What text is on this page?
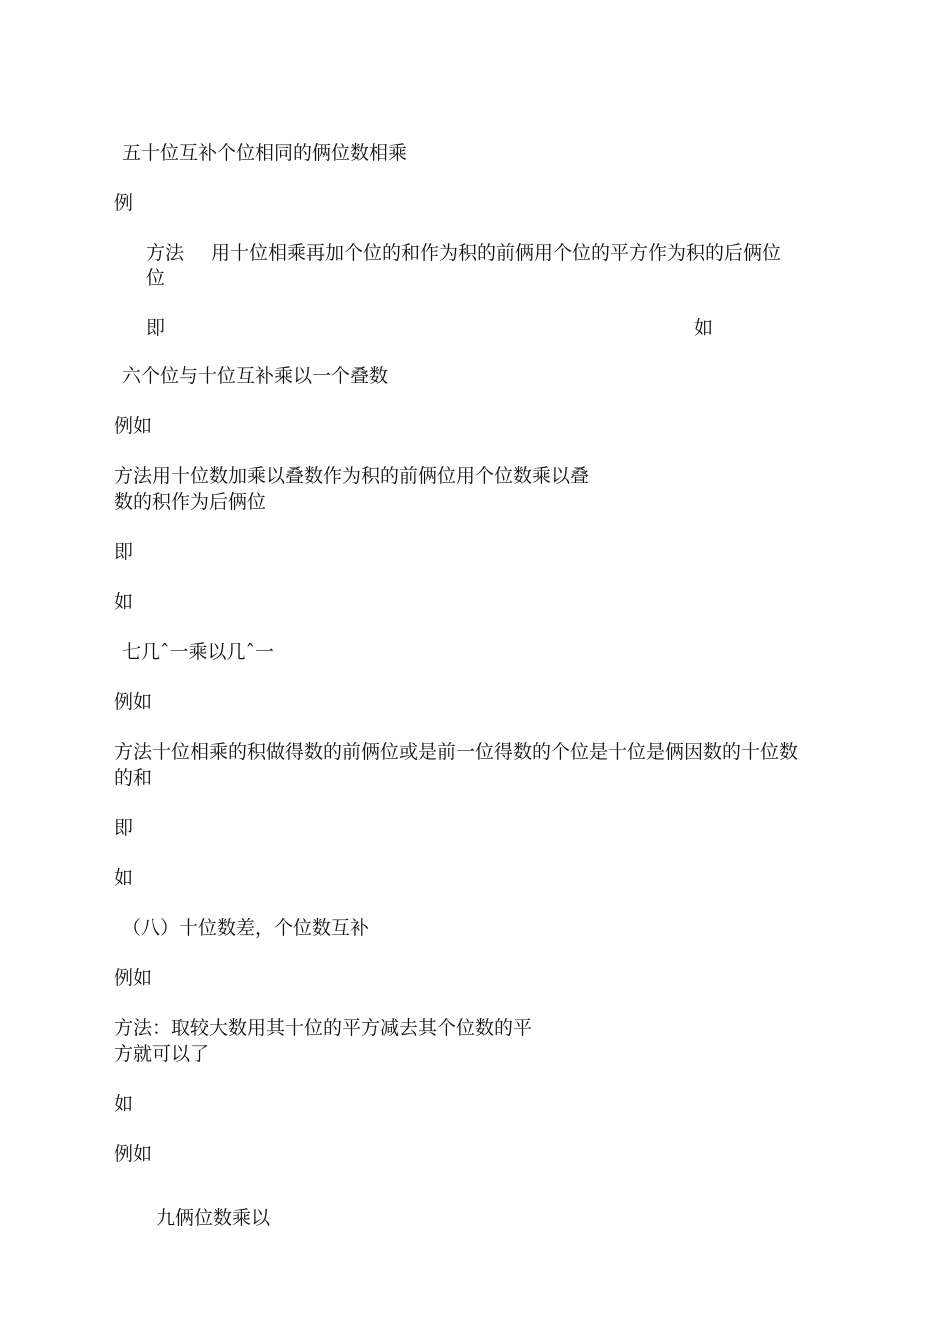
五十位互补个位相同的俩位数相乘

例

方法 用十位相乘再加个位的和作为积的前俩用个位的平方作为积的后俩位

位

即	如

六个位与十位互补乘以一个叠数

例如

方法用十位数加乘以叠数作为积的前俩位用个位数乘以叠

数的积作为后俩位

即

如

七几ˆ一乘以几ˆ一

例如

方法十位相乘的积做得数的前俩位或是前一位得数的个位是十位是俩因数的十位数

的和

即

如

（八）十位数差，个位数互补

例如

方法：取较大数用其十位的平方减去其个位数的平

方就可以了

如

例如

九俩位数乘以
